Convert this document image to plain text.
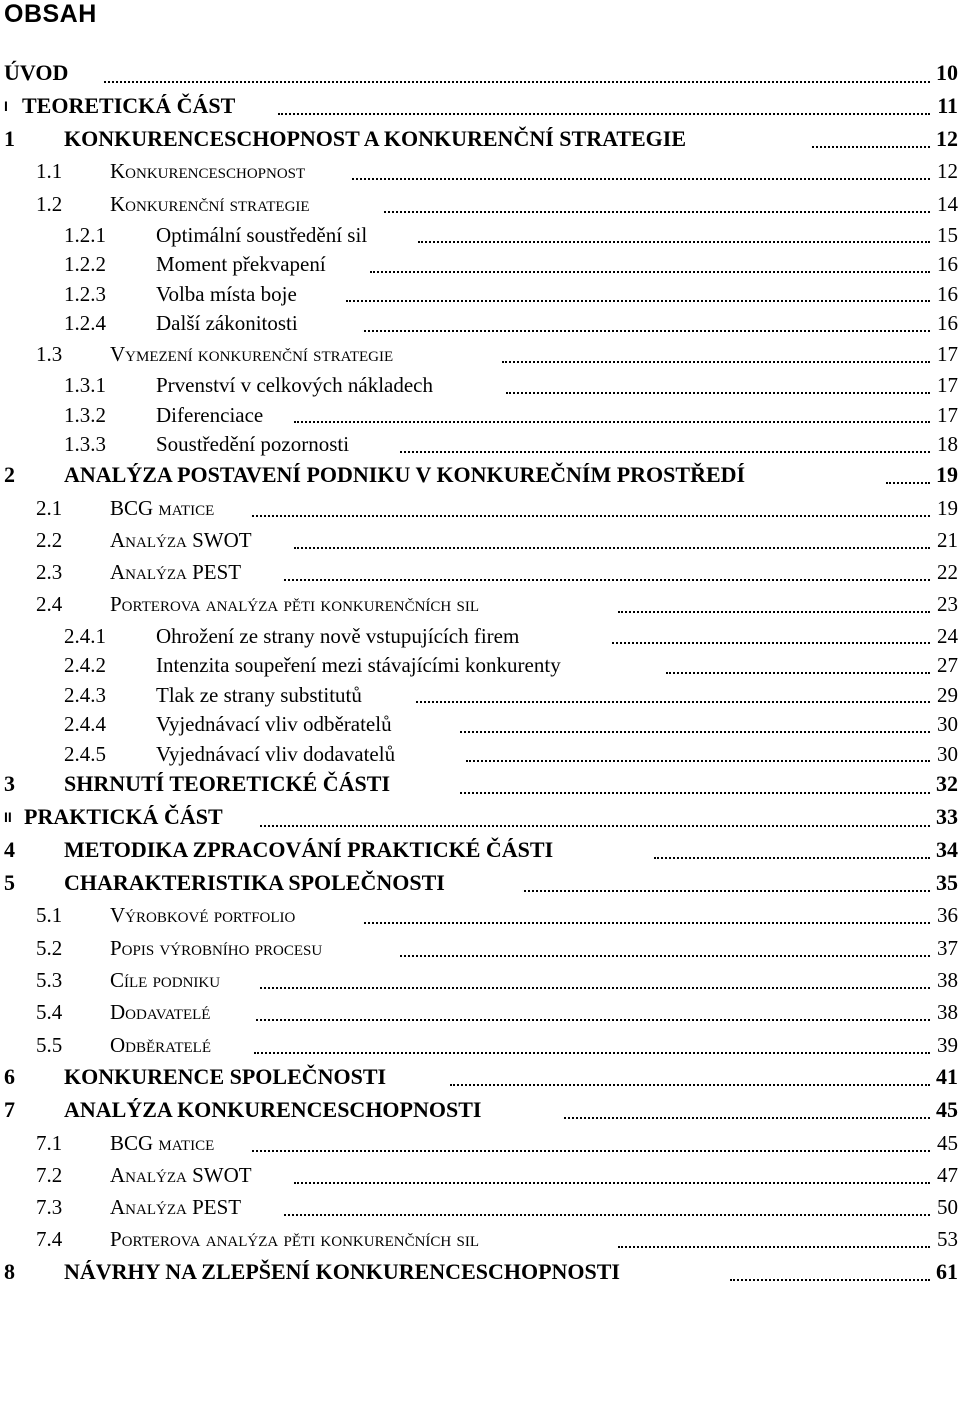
OBSAH
ÚVOD	10
I TEORETICKÁ ČÁST	11
1 KONKURENCESCHOPNOST A KONKURENČNÍ STRATEGIE	12
1.1 Konkurenceschopnost	12
1.2 Konkurenční strategie	14
1.2.1 Optimální soustředění sil	15
1.2.2 Moment překvapení	16
1.2.3 Volba místa boje	16
1.2.4 Další zákonitosti	16
1.3 Vymezení konkurenční strategie	17
1.3.1 Prvenství v celkových nákladech	17
1.3.2 Diferenciace	17
1.3.3 Soustředění pozornosti	18
2 ANALÝZA POSTAVENÍ PODNIKU V KONKUREČNÍM PROSTŘEDÍ	19
2.1 BCG matice	19
2.2 Analýza SWOT	21
2.3 Analýza PEST	22
2.4 Porterova analýza pěti konkurenčních sil	23
2.4.1 Ohrožení ze strany nově vstupujících firem	24
2.4.2 Intenzita soupeření mezi stávajícími konkurenty	27
2.4.3 Tlak ze strany substitutů	29
2.4.4 Vyjednávací vliv odběratelů	30
2.4.5 Vyjednávací vliv dodavatelů	30
3 SHRNUTÍ TEORETICKÉ ČÁSTI	32
II PRAKTICKÁ ČÁST	33
4 METODIKA ZPRACOVÁNÍ PRAKTICKÉ ČÁSTI	34
5 CHARAKTERISTIKA SPOLEČNOSTI	35
5.1 Výrobkové portfolio	36
5.2 Popis výrobního procesu	37
5.3 Cíle podniku	38
5.4 Dodavatelé	38
5.5 Odběratelé	39
6 KONKURENCE SPOLEČNOSTI	41
7 ANALÝZA KONKURENCESCHOPNOSTI	45
7.1 BCG matice	45
7.2 Analýza SWOT	47
7.3 Analýza PEST	50
7.4 Porterova analýza pěti konkurenčních sil	53
8 NÁVRHY NA ZLEPŠENÍ KONKURENCESCHOPNOSTI	61
